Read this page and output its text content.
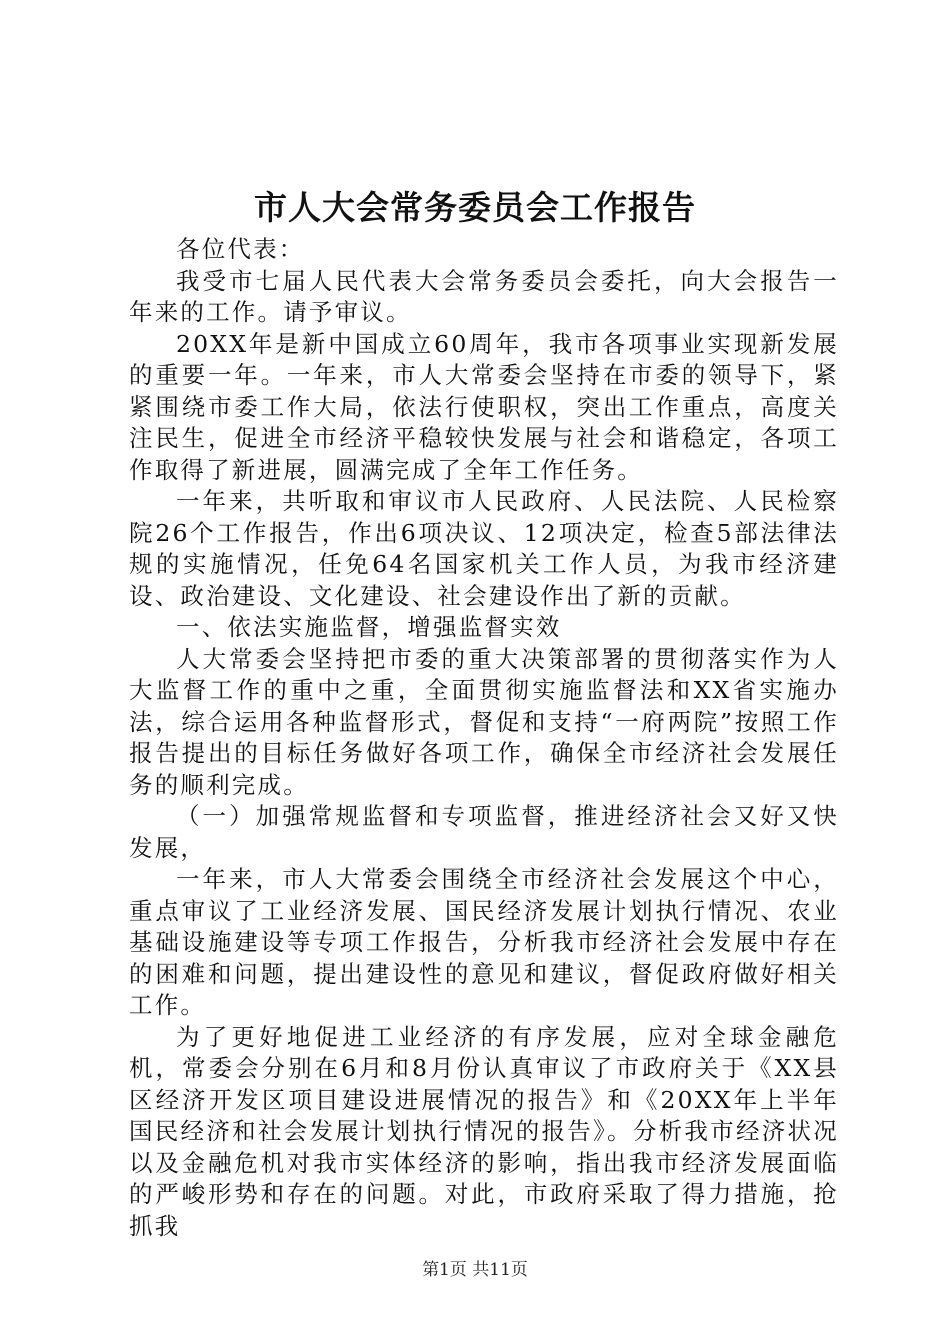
市人大会常务委员会工作报告

各位代表：

我受市七届人民代表大会常务委员会委托，向大会报告一年来的工作。请予审议。

20XX年是新中国成立60周年，我市各项事业实现新发展的重要一年。一年来，市人大常委会坚持在市委的领导下，紧紧围绕市委工作大局，依法行使职权，突出工作重点，高度关注民生，促进全市经济平稳较快发展与社会和谐稳定，各项工作取得了新进展，圆满完成了全年工作任务。

一年来，共听取和审议市人民政府、人民法院、人民检察院26个工作报告，作出6项决议、12项决定，检查5部法律法规的实施情况，任免64名国家机关工作人员，为我市经济建设、政治建设、文化建设、社会建设作出了新的贡献。

一、依法实施监督，增强监督实效

人大常委会坚持把市委的重大决策部署的贯彻落实作为人大监督工作的重中之重，全面贯彻实施监督法和XX省实施办法，综合运用各种监督形式，督促和支持“一府两院”按照工作报告提出的目标任务做好各项工作，确保全市经济社会发展任务的顺利完成。

（一）加强常规监督和专项监督，推进经济社会又好又快发展，

一年来，市人大常委会围绕全市经济社会发展这个中心，重点审议了工业经济发展、国民经济发展计划执行情况、农业基础设施建设等专项工作报告，分析我市经济社会发展中存在的困难和问题，提出建设性的意见和建议，督促政府做好相关工作。

为了更好地促进工业经济的有序发展，应对全球金融危机，常委会分别在6月和8月份认真审议了市政府关于《XX县区经济开发区项目建设进展情况的报告》和《20XX年上半年国民经济和社会发展计划执行情况的报告》。分析我市经济状况以及金融危机对我市实体经济的影响，指出我市经济发展面临的严峻形势和存在的问题。对此，市政府采取了得力措施，抢抓我

第1页 共11页
